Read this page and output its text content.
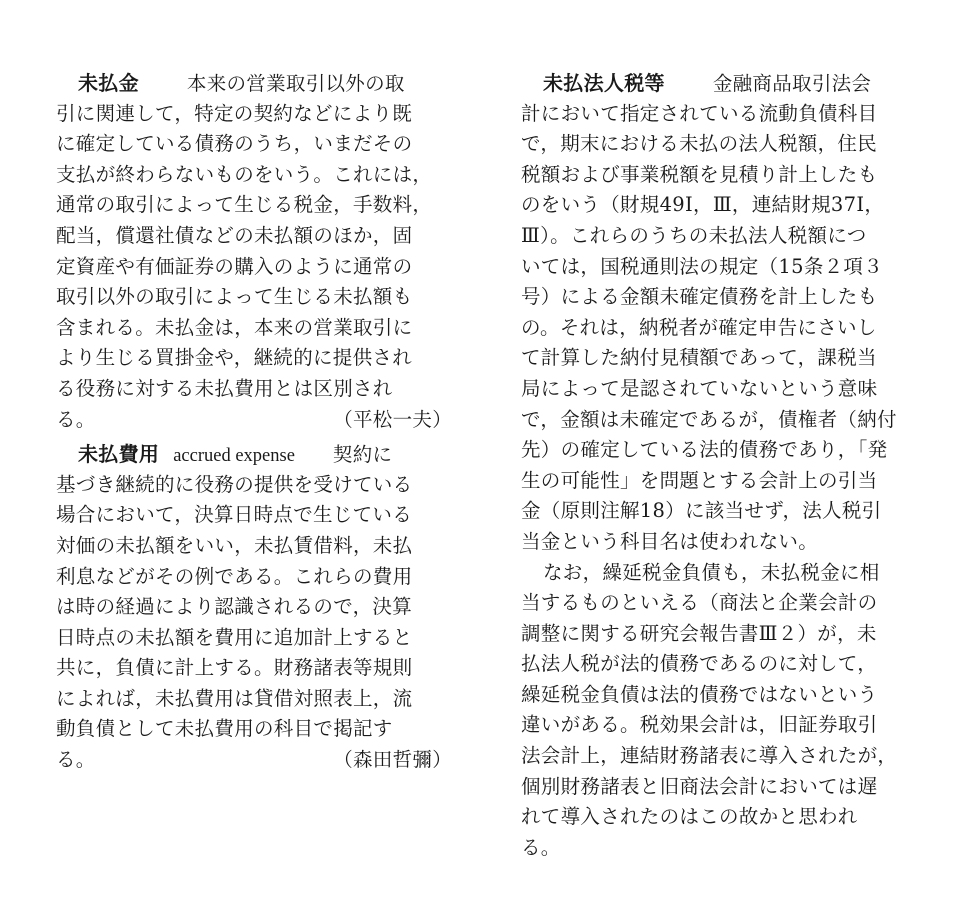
未払金 本来の営業取引以外の取
引に関連して，特定の契約などにより既
に確定している債務のうち，いまだその
支払が終わらないものをいう。これには，
通常の取引によって生じる税金，手数料，
配当，償還社債などの未払額のほか，固
定資産や有価証券の購入のように通常の
取引以外の取引によって生じる未払額も
含まれる。未払金は，本来の営業取引に
より生じる買掛金や，継続的に提供され
る役務に対する未払費用とは区別され
る。	（平松一夫）
未払費用 accrued expense 契約に
基づき継続的に役務の提供を受けている
場合において，決算日時点で生じている
対価の未払額をいい，未払賃借料，未払
利息などがその例である。これらの費用
は時の経過により認識されるので，決算
日時点の未払額を費用に追加計上すると
共に，負債に計上する。財務諸表等規則
によれば，未払費用は貸借対照表上，流
動負債として未払費用の科目で掲記す
る。	（森田哲彌）
未払法人税等 金融商品取引法会
計において指定されている流動負債科目
で，期末における未払の法人税額，住民
税額および事業税額を見積り計上したも
のをいう（財規49Ⅰ，Ⅲ，連結財規37Ⅰ，
Ⅲ）。これらのうちの未払法人税額につ
いては，国税通則法の規定（15条２項３
号）による金額未確定債務を計上したも
の。それは，納税者が確定申告にさいし
て計算した納付見積額であって，課税当
局によって是認されていないという意味
で，金額は未確定であるが，債権者（納付
先）の確定している法的債務であり，「発
生の可能性」を問題とする会計上の引当
金（原則注解18）に該当せず，法人税引
当金という科目名は使われない。
なお，繰延税金負債も，未払税金に相
当するものといえる（商法と企業会計の
調整に関する研究会報告書Ⅲ２）が，未
払法人税が法的債務であるのに対して，
繰延税金負債は法的債務ではないという
違いがある。税効果会計は，旧証券取引
法会計上，連結財務諸表に導入されたが，
個別財務諸表と旧商法会計においては遅
れて導入されたのはこの故かと思われ
る。
